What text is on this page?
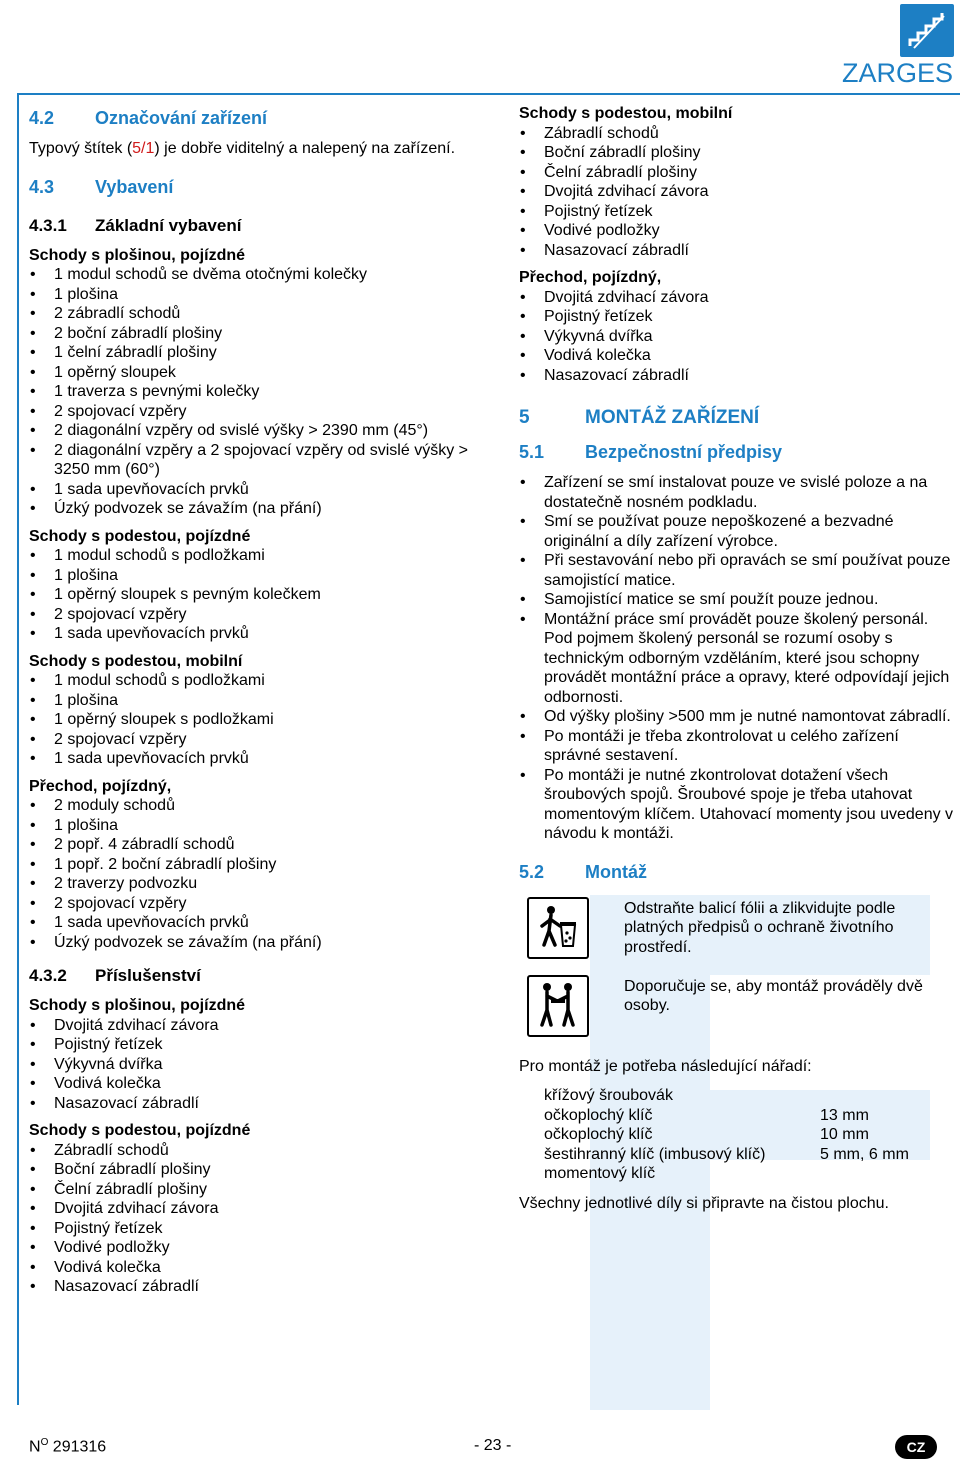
ZARGES
4.2 Označování zařízení

Typový štítek (5/1) je dobře viditelný a nalepený na zařízení.

4.3 Vybavení
4.3.1 Základní vybavení
Schody s plošinou, pojízdné
• 1 modul schodů se dvěma otočnými kolečky
• 1 plošina
• 2 zábradlí schodů
• 2 boční zábradlí plošiny
• 1 čelní zábradlí plošiny
• 1 opěrný sloupek
• 1 traverza s pevnými kolečky
• 2 spojovací vzpěry
• 2 diagonální vzpěry od svislé výšky > 2390 mm (45°)
• 2 diagonální vzpěry a 2 spojovací vzpěry od svislé výšky > 3250 mm (60°)
• 1 sada upevňovacích prvků
• Úzký podvozek se závažím (na přání)
Schody s podestou, pojízdné
• 1 modul schodů s podložkami
• 1 plošina
• 1 opěrný sloupek s pevným kolečkem
• 2 spojovací vzpěry
• 1 sada upevňovacích prvků
Schody s podestou, mobilní
• 1 modul schodů s podložkami
• 1 plošina
• 1 opěrný sloupek s podložkami
• 2 spojovací vzpěry
• 1 sada upevňovacích prvků
Přechod, pojízdný,
• 2 moduly schodů
• 1 plošina
• 2 popř. 4 zábradlí schodů
• 1 popř. 2 boční zábradlí plošiny
• 2 traverzy podvozku
• 2 spojovací vzpěry
• 1 sada upevňovacích prvků
• Úzký podvozek se závažím (na přání)
4.3.2 Příslušenství
Schody s plošinou, pojízdné
• Dvojitá zdvihací závora
• Pojistný řetízek
• Výkyvná dvířka
• Vodivá kolečka
• Nasazovací zábradlí
Schody s podestou, pojízdné
• Zábradlí schodů
• Boční zábradlí plošiny
• Čelní zábradlí plošiny
• Dvojitá zdvihací závora
• Pojistný řetízek
• Vodivé podložky
• Vodivá kolečka
• Nasazovací zábradlí
Schody s podestou, mobilní
• Zábradlí schodů
• Boční zábradlí plošiny
• Čelní zábradlí plošiny
• Dvojitá zdvihací závora
• Pojistný řetízek
• Vodivé podložky
• Nasazovací zábradlí
Přechod, pojízdný,
• Dvojitá zdvihací závora
• Pojistný řetízek
• Výkyvná dvířka
• Vodivá kolečka
• Nasazovací zábradlí
5	MONTÁŽ ZAŘÍZENÍ
5.1 Bezpečnostní předpisy
• Zařízení se smí instalovat pouze ve svislé poloze a na dostatečně nosném podkladu.
• Smí se používat pouze nepoškozené a bezvadné originální a díly zařízení výrobce.
• Při sestavování nebo při opravách se smí používat pouze samojistící matice.
• Samojistící matice se smí použít pouze jednou.
• Montážní práce smí provádět pouze školený personál.
Pod pojmem školený personál se rozumí osoby s technickým odborným vzděláním, které jsou schopny provádět montážní práce a opravy, které odpovídají jejich odbornosti.
• Od výšky plošiny >500 mm je nutné namontovat zábradlí.
• Po montáži je třeba zkontrolovat u celého zařízení správné sestavení.
• Po montáži je nutné zkontrolovat dotažení všech šroubových spojů. Šroubové spoje je třeba utahovat momentovým klíčem. Utahovací momenty jsou uvedeny v návodu k montáži.
5.2 Montáž
Odstraňte balicí fólii a zlikvidujte podle platných předpisů o ochraně životního prostředí.
Doporučuje se, aby montáž prováděly dvě osoby.
Pro montáž je potřeba následující nářadí:
křížový šroubovák
očkoplochý klíč	13 mm
očkoplochý klíč	10 mm
šestihranný klíč (imbusový klíč)	5 mm, 6 mm
momentový klíč
Všechny jednotlivé díly si připravte na čistou plochu.
$N^O$ 291316	- 23 -	CZ
